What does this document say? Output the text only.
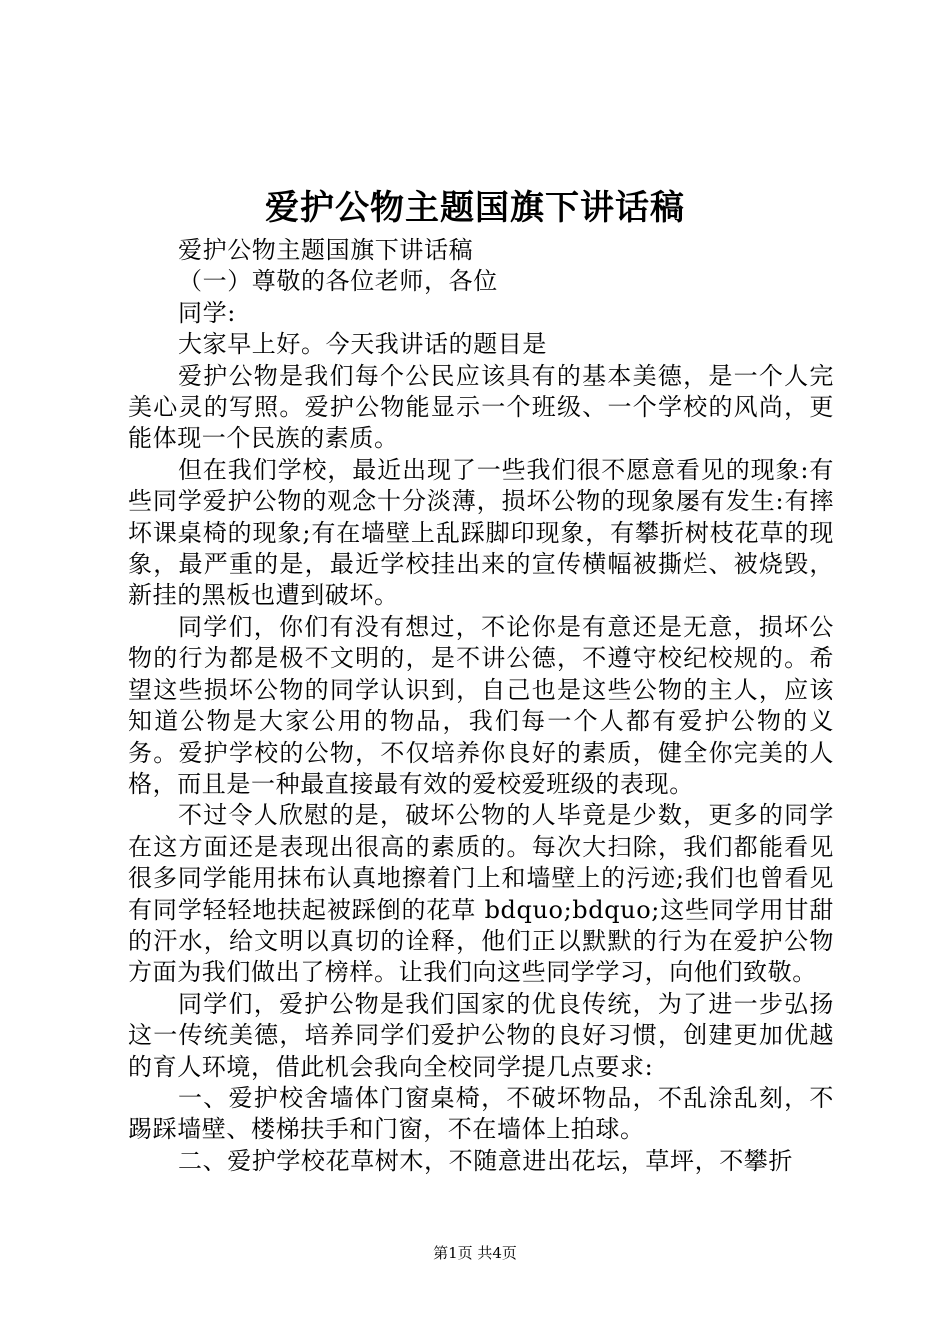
爱护公物主题国旗下讲话稿

爱护公物主题国旗下讲话稿

（一）尊敬的各位老师，各位

同学:

大家早上好。今天我讲话的题目是

爱护公物是我们每个公民应该具有的基本美德，是一个人完美心灵的写照。爱护公物能显示一个班级、一个学校的风尚，更能体现一个民族的素质。

但在我们学校，最近出现了一些我们很不愿意看见的现象:有些同学爱护公物的观念十分淡薄，损坏公物的现象屡有发生:有摔坏课桌椅的现象;有在墙壁上乱踩脚印现象，有攀折树枝花草的现象，最严重的是，最近学校挂出来的宣传横幅被撕烂、被烧毁，新挂的黑板也遭到破坏。

同学们，你们有没有想过，不论你是有意还是无意，损坏公物的行为都是极不文明的，是不讲公德，不遵守校纪校规的。希望这些损坏公物的同学认识到，自己也是这些公物的主人，应该知道公物是大家公用的物品，我们每一个人都有爱护公物的义务。爱护学校的公物，不仅培养你良好的素质，健全你完美的人格，而且是一种最直接最有效的爱校爱班级的表现。

不过令人欣慰的是，破坏公物的人毕竟是少数，更多的同学在这方面还是表现出很高的素质的。每次大扫除，我们都能看见很多同学能用抹布认真地擦着门上和墙壁上的污迹;我们也曾看见有同学轻轻地扶起被踩倒的花草 bdquo;bdquo;这些同学用甘甜的汗水，给文明以真切的诠释，他们正以默默的行为在爱护公物方面为我们做出了榜样。让我们向这些同学学习，向他们致敬。

同学们，爱护公物是我们国家的优良传统，为了进一步弘扬这一传统美德，培养同学们爱护公物的良好习惯，创建更加优越的育人环境，借此机会我向全校同学提几点要求:

一、爱护校舍墙体门窗桌椅，不破坏物品，不乱涂乱刻，不踢踩墙壁、楼梯扶手和门窗，不在墙体上拍球。

二、爱护学校花草树木，不随意进出花坛，草坪，不攀折

第1页 共4页
